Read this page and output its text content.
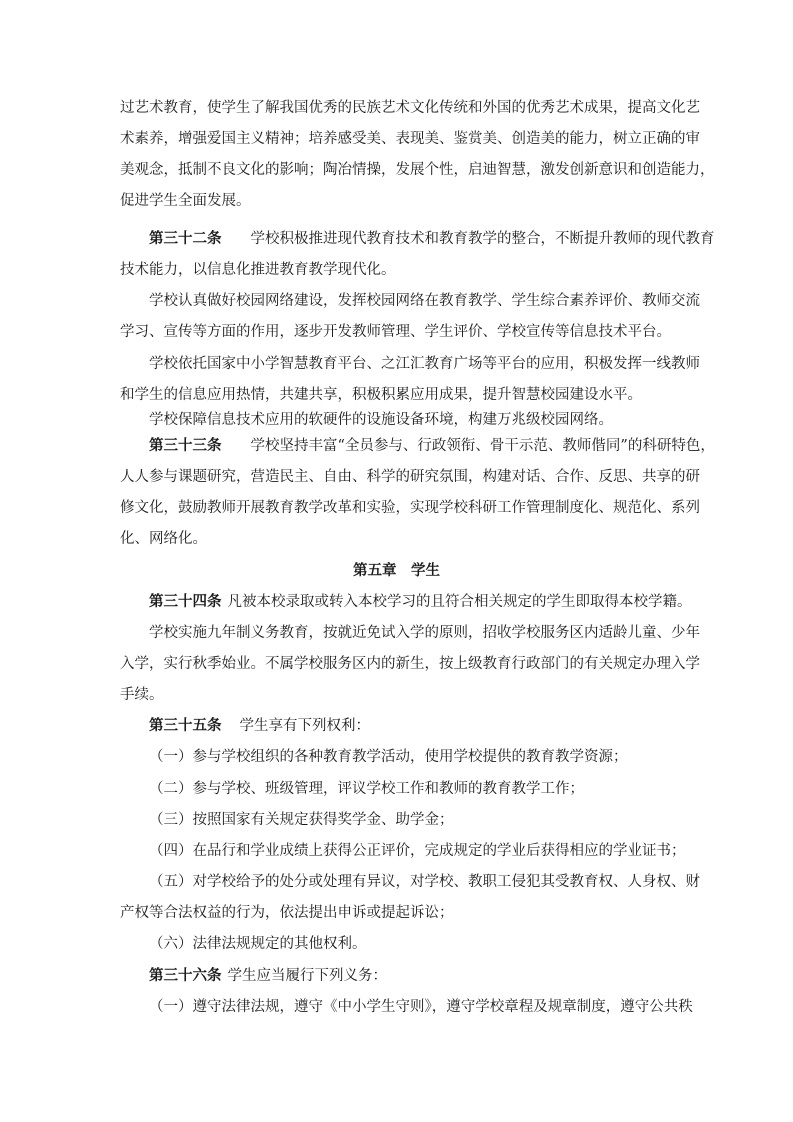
过艺术教育，使学生了解我国优秀的民族艺术文化传统和外国的优秀艺术成果，提高文化艺
术素养，增强爱国主义精神；培养感受美、表现美、鉴赏美、创造美的能力，树立正确的审
美观念，抵制不良文化的影响；陶冶情操，发展个性，启迪智慧，激发创新意识和创造能力，
促进学生全面发展。
第三十二条 学校积极推进现代教育技术和教育教学的整合，不断提升教师的现代教育
技术能力，以信息化推进教育教学现代化。
学校认真做好校园网络建设，发挥校园网络在教育教学、学生综合素养评价、教师交流
学习、宣传等方面的作用，逐步开发教师管理、学生评价、学校宣传等信息技术平台。
学校依托国家中小学智慧教育平台、之江汇教育广场等平台的应用，积极发挥一线教师
和学生的信息应用热情，共建共享，积极积累应用成果，提升智慧校园建设水平。
学校保障信息技术应用的软硬件的设施设备环境，构建万兆级校园网络。
第三十三条 学校坚持丰富“全员参与、行政领衔、骨干示范、教师偕同”的科研特色，
人人参与课题研究，营造民主、自由、科学的研究氛围，构建对话、合作、反思、共享的研
修文化，鼓励教师开展教育教学改革和实验，实现学校科研工作管理制度化、规范化、系列
化、网络化。
第五章　学生
第三十四条 凡被本校录取或转入本校学习的且符合相关规定的学生即取得本校学籍。
学校实施九年制义务教育，按就近免试入学的原则，招收学校服务区内适龄儿童、少年
入学，实行秋季始业。不属学校服务区内的新生，按上级教育行政部门的有关规定办理入学
手续。
第三十五条 学生享有下列权利：
（一）参与学校组织的各种教育教学活动，使用学校提供的教育教学资源；
（二）参与学校、班级管理，评议学校工作和教师的教育教学工作；
（三）按照国家有关规定获得奖学金、助学金；
（四）在品行和学业成绩上获得公正评价，完成规定的学业后获得相应的学业证书；
（五）对学校给予的处分或处理有异议，对学校、教职工侵犯其受教育权、人身权、财
产权等合法权益的行为，依法提出申诉或提起诉讼；
（六）法律法规规定的其他权利。
第三十六条 学生应当履行下列义务：
（一）遵守法律法规，遵守《中小学生守则》，遵守学校章程及规章制度，遵守公共秩
